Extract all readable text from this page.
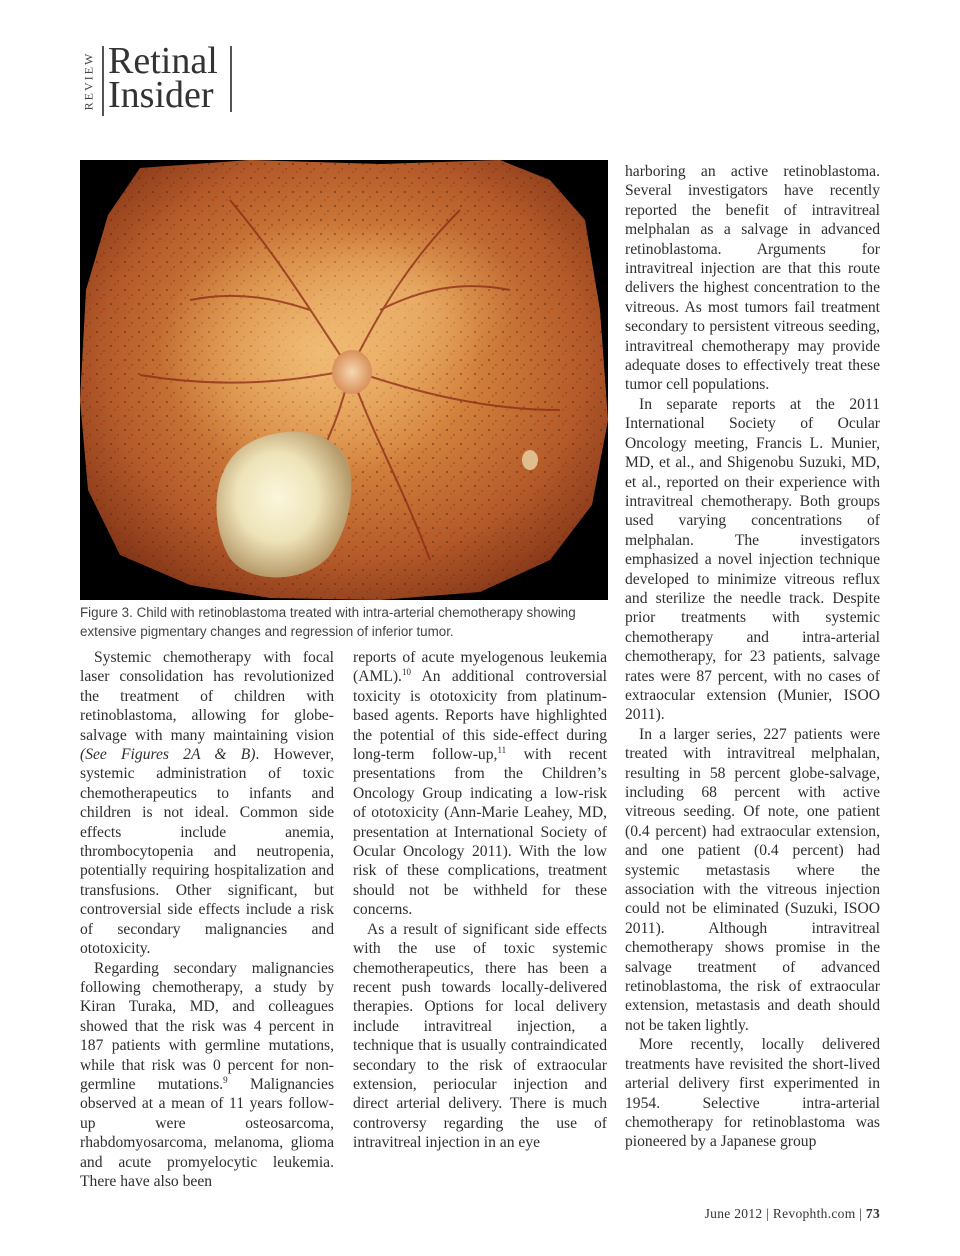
REVIEW Retinal
Insider
Figure 3. Child with retinoblastoma treated with intra-arterial chemotherapy showing extensive pigmentary changes and regression of inferior tumor.

Systemic chemotherapy with focal laser consolidation has revolutionized the treatment of children with retinoblastoma, allowing for globe-salvage with many maintaining vision (See Figures 2A & B). However, systemic administration of toxic chemotherapeutics to infants and children is not ideal. Common side effects include anemia, thrombocytopenia and neutropenia, potentially requiring hospitalization and transfusions. Other significant, but controversial side effects include a risk of secondary malignancies and ototoxicity.

Regarding secondary malignancies following chemotherapy, a study by Kiran Turaka, MD, and colleagues showed that the risk was 4 percent in 187 patients with germline mutations, while that risk was 0 percent for non-germline mutations.$^9$ Malignancies observed at a mean of 11 years follow-up were osteosarcoma, rhabdomyosarcoma, melanoma, glioma and acute promyelocytic leukemia. There have also been

reports of acute myelogenous leukemia (AML).$^{10}$ An additional controversial toxicity is ototoxicity from platinum-based agents. Reports have highlighted the potential of this side-effect during long-term follow-up,$^{11}$ with recent presentations from the Children’s Oncology Group indicating a low-risk of ototoxicity (Ann-Marie Leahey, MD, presentation at International Society of Ocular Oncology 2011). With the low risk of these complications, treatment should not be withheld for these concerns.

As a result of significant side effects with the use of toxic systemic chemotherapeutics, there has been a recent push towards locally-delivered therapies. Options for local delivery include intravitreal injection, a technique that is usually contraindicated secondary to the risk of extraocular extension, periocular injection and direct arterial delivery. There is much controversy regarding the use of intravitreal injection in an eye

harboring an active retinoblastoma. Several investigators have recently reported the benefit of intravitreal melphalan as a salvage in advanced retinoblastoma. Arguments for intravitreal injection are that this route delivers the highest concentration to the vitreous. As most tumors fail treatment secondary to persistent vitreous seeding, intravitreal chemotherapy may provide adequate doses to effectively treat these tumor cell populations.

In separate reports at the 2011 International Society of Ocular Oncology meeting, Francis L. Munier, MD, et al., and Shigenobu Suzuki, MD, et al., reported on their experience with intravitreal chemotherapy. Both groups used varying concentrations of melphalan. The investigators emphasized a novel injection technique developed to minimize vitreous reflux and sterilize the needle track. Despite prior treatments with systemic chemotherapy and intra-arterial chemotherapy, for 23 patients, salvage rates were 87 percent, with no cases of extraocular extension (Munier, ISOO 2011).

In a larger series, 227 patients were treated with intravitreal melphalan, resulting in 58 percent globe-salvage, including 68 percent with active vitreous seeding. Of note, one patient (0.4 percent) had extraocular extension, and one patient (0.4 percent) had systemic metastasis where the association with the vitreous injection could not be eliminated (Suzuki, ISOO 2011). Although intravitreal chemotherapy shows promise in the salvage treatment of advanced retinoblastoma, the risk of extraocular extension, metastasis and death should not be taken lightly.

More recently, locally delivered treatments have revisited the short-lived arterial delivery first experimented in 1954. Selective intra-arterial chemotherapy for retinoblastoma was pioneered by a Japanese group

June 2012 | Revophth.com | 73
